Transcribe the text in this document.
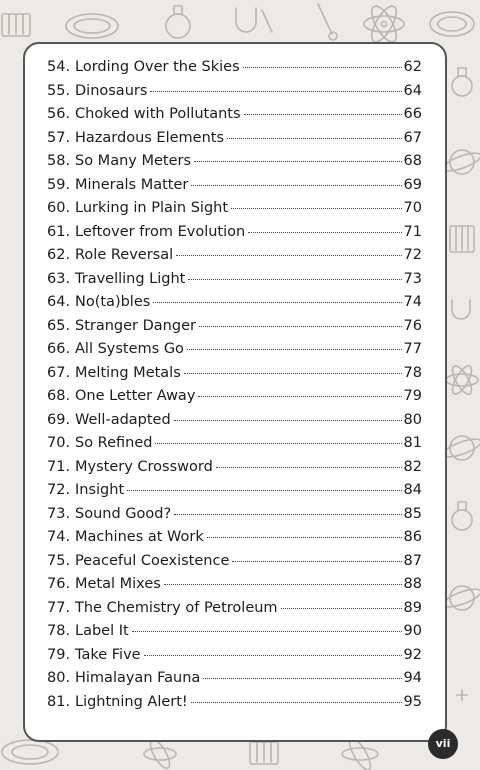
54. Lording Over the Skies	62
55. Dinosaurs	64
56. Choked with Pollutants	66
57. Hazardous Elements	67
58. So Many Meters	68
59. Minerals Matter	69
60. Lurking in Plain Sight	70
61. Leftover from Evolution	71
62. Role Reversal	72
63. Travelling Light	73
64. No(ta)bles	74
65. Stranger Danger	76
66. All Systems Go	77
67. Melting Metals	78
68. One Letter Away	79
69. Well-adapted	80
70. So Refined	81
71. Mystery Crossword	82
72. Insight	84
73. Sound Good?	85
74. Machines at Work	86
75. Peaceful Coexistence	87
76. Metal Mixes	88
77. The Chemistry of Petroleum	89
78. Label It	90
79. Take Five	92
80. Himalayan Fauna	94
81. Lightning Alert!	95
vii
